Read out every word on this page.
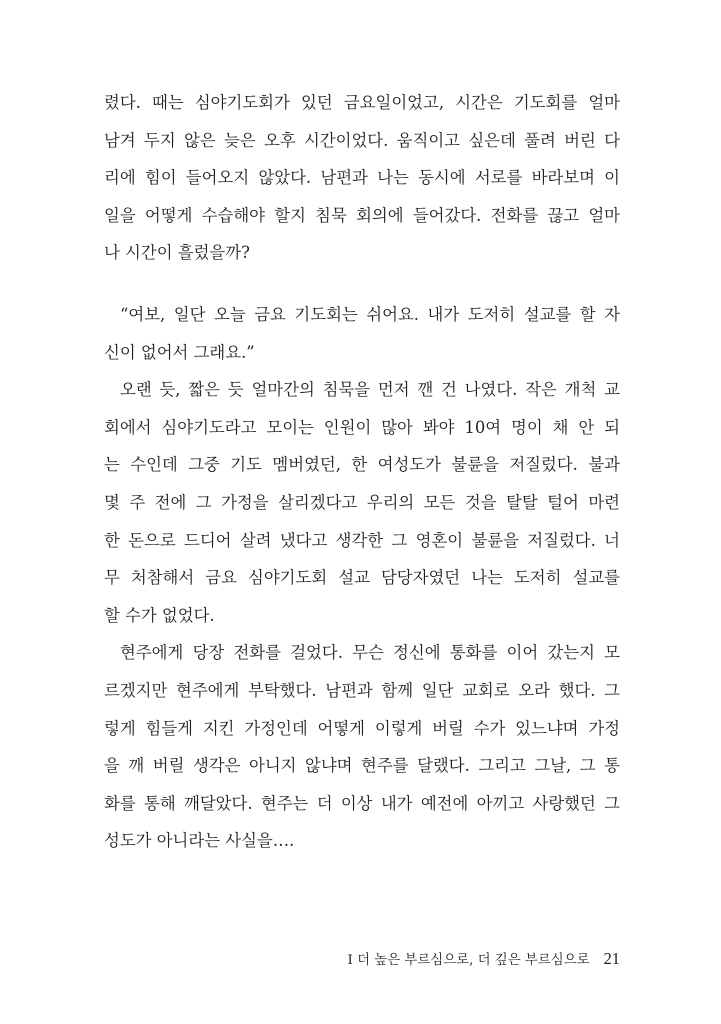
렸다. 때는 심야기도회가 있던 금요일이었고, 시간은 기도회를 얼마
남겨 두지 않은 늦은 오후 시간이었다. 움직이고 싶은데 풀려 버린 다
리에 힘이 들어오지 않았다. 남편과 나는 동시에 서로를 바라보며 이
일을 어떻게 수습해야 할지 침묵 회의에 들어갔다. 전화를 끊고 얼마
나 시간이 흘렀을까?
“여보, 일단 오늘 금요 기도회는 쉬어요. 내가 도저히 설교를 할 자
신이 없어서 그래요.”
오랜 듯, 짧은 듯 얼마간의 침묵을 먼저 깬 건 나였다. 작은 개척 교
회에서 심야기도라고 모이는 인원이 많아 봐야 10여 명이 채 안 되
는 수인데 그중 기도 멤버였던, 한 여성도가 불륜을 저질렀다. 불과
몇 주 전에 그 가정을 살리겠다고 우리의 모든 것을 탈탈 털어 마련
한 돈으로 드디어 살려 냈다고 생각한 그 영혼이 불륜을 저질렀다. 너
무 처참해서 금요 심야기도회 설교 담당자였던 나는 도저히 설교를
할 수가 없었다.
현주에게 당장 전화를 걸었다. 무슨 정신에 통화를 이어 갔는지 모
르겠지만 현주에게 부탁했다. 남편과 함께 일단 교회로 오라 했다. 그
렇게 힘들게 지킨 가정인데 어떻게 이렇게 버릴 수가 있느냐며 가정
을 깨 버릴 생각은 아니지 않냐며 현주를 달랬다. 그리고 그날, 그 통
화를 통해 깨달았다. 현주는 더 이상 내가 예전에 아끼고 사랑했던 그
성도가 아니라는 사실을….
I 더 높은 부르심으로, 더 깊은 부르심으로 21
